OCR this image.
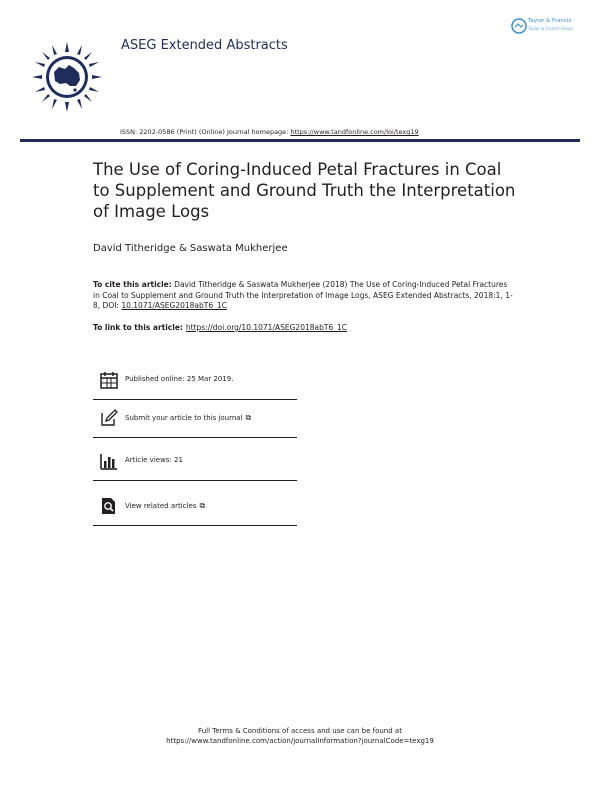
ASEG Extended Abstracts
Taylor & Francis
Taylor & Francis Group
ISSN: 2202-0586 (Print) (Online) Journal homepage: https://www.tandfonline.com/loi/texg19
The Use of Coring-Induced Petal Fractures in Coal to Supplement and Ground Truth the Interpretation of Image Logs
David Titheridge & Saswata Mukherjee
To cite this article: David Titheridge & Saswata Mukherjee (2018) The Use of Coring-Induced Petal Fractures in Coal to Supplement and Ground Truth the Interpretation of Image Logs, ASEG Extended Abstracts, 2018:1, 1-8, DOI: 10.1071/ASEG2018abT6_1C
To link to this article: https://doi.org/10.1071/ASEG2018abT6_1C
Published online: 25 Mar 2019.
Submit your article to this journal ⧉
Article views: 21
View related articles ⧉
Full Terms & Conditions of access and use can be found at
https://www.tandfonline.com/action/journalInformation?journalCode=texg19
